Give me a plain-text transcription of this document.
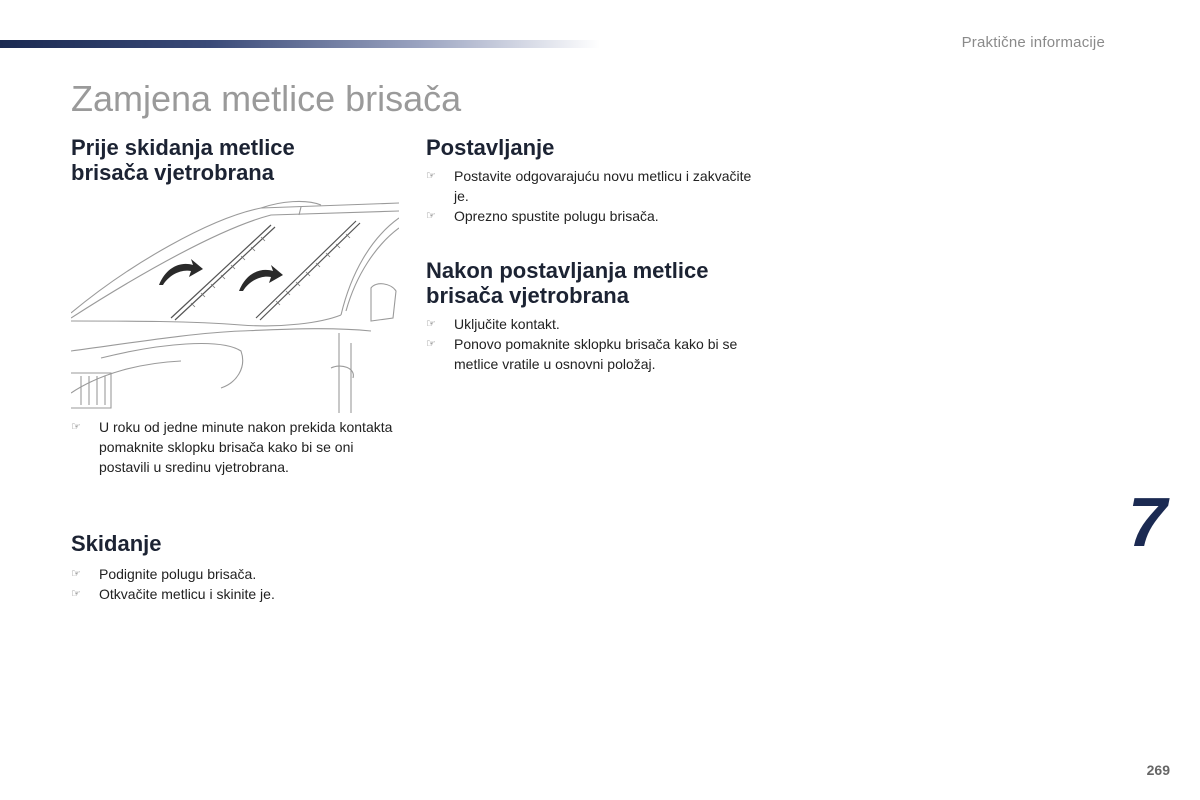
Praktične informacije
Zamjena metlice brisača
Prije skidanja metlice
brisača vjetrobrana
☞ U roku od jedne minute nakon prekida kontakta pomaknite sklopku brisača kako bi se oni postavili u sredinu vjetrobrana.
Skidanje
☞ Podignite polugu brisača.
☞ Otkvačite metlicu i skinite je.
Postavljanje
☞ Postavite odgovarajuću novu metlicu i zakvačite je.
☞ Oprezno spustite polugu brisača.
Nakon postavljanja metlice
brisača vjetrobrana
☞ Uključite kontakt.
☞ Ponovo pomaknite sklopku brisača kako bi se metlice vratile u osnovni položaj.
7
269
